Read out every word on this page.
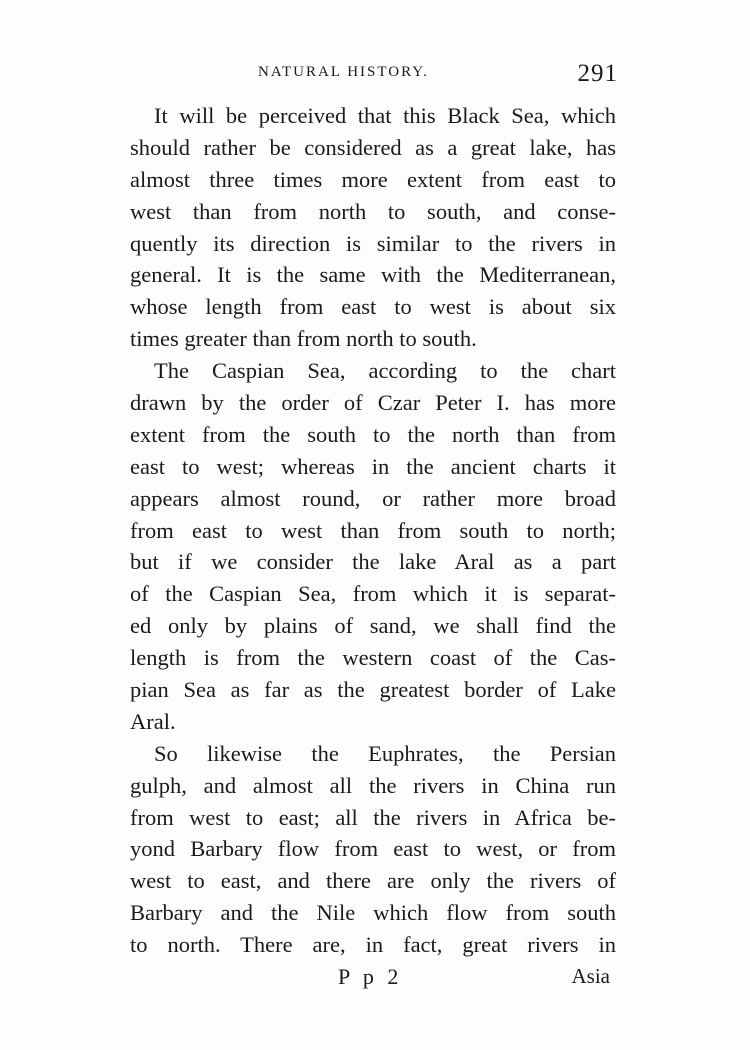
NATURAL HISTORY.	291
It will be perceived that this Black Sea, which
should rather be considered as a great lake, has
almost three times more extent from east to
west than from north to south, and conse-
quently its direction is similar to the rivers in
general. It is the same with the Mediterranean,
whose length from east to west is about six
times greater than from north to south.
The Caspian Sea, according to the chart
drawn by the order of Czar Peter I. has more
extent from the south to the north than from
east to west; whereas in the ancient charts it
appears almost round, or rather more broad
from east to west than from south to north;
but if we consider the lake Aral as a part
of the Caspian Sea, from which it is separat-
ed only by plains of sand, we shall find the
length is from the western coast of the Cas-
pian Sea as far as the greatest border of Lake
Aral.
So likewise the Euphrates, the Persian
gulph, and almost all the rivers in China run
from west to east; all the rivers in Africa be-
yond Barbary flow from east to west, or from
west to east, and there are only the rivers of
Barbary and the Nile which flow from south
to north. There are, in fact, great rivers in
P p 2	Asia
